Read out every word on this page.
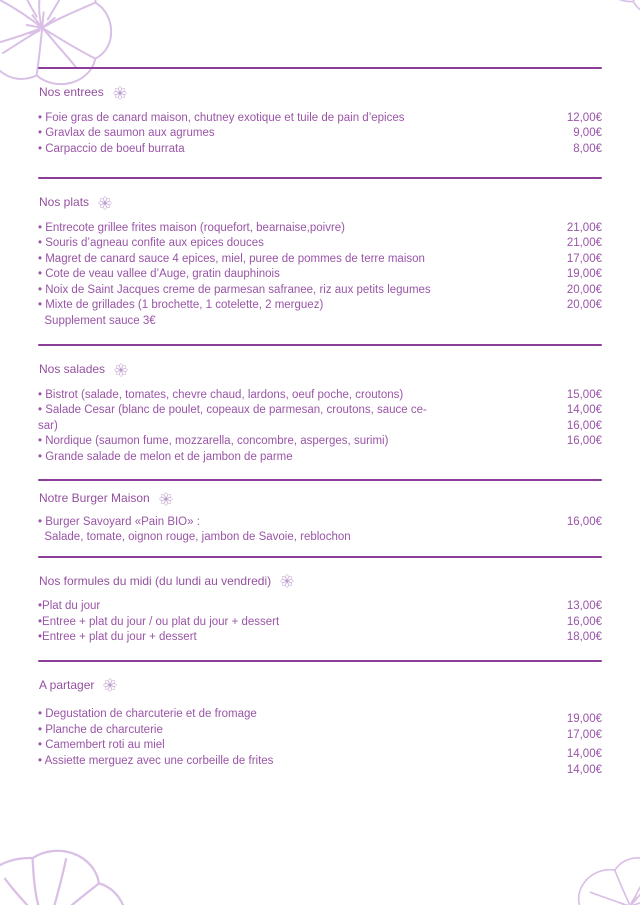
Nos entrees
• Foie gras de canard maison, chutney exotique et tuile de pain d’epices
• Gravlax de saumon aux agrumes
• Carpaccio de boeuf burrata
12,00€
9,00€
8,00€
Nos plats
• Entrecote grillee frites maison (roquefort, bearnaise,poivre)
• Souris d’agneau confite aux epices douces
• Magret de canard sauce 4 epices, miel, puree de pommes de terre maison
• Cote de veau vallee d’Auge, gratin dauphinois
• Noix de Saint Jacques creme de parmesan safranee, riz aux petits legumes
• Mixte de grillades (1 brochette, 1 cotelette, 2 merguez)
Supplement sauce 3€
21,00€
21,00€
17,00€
19,00€
20,00€
20,00€
Nos salades
• Bistrot (salade, tomates, chevre chaud, lardons, oeuf poche, croutons)
• Salade Cesar (blanc de poulet, copeaux de parmesan, croutons, sauce ce-
sar)
• Nordique (saumon fume, mozzarella, concombre, asperges, surimi)
• Grande salade de melon et de jambon de parme
15,00€
14,00€
16,00€
16,00€
Notre Burger Maison
• Burger Savoyard «Pain BIO» :
Salade, tomate, oignon rouge, jambon de Savoie, reblochon
16,00€
Nos formules du midi (du lundi au vendredi)
•Plat du jour
•Entree + plat du jour / ou plat du jour + dessert
•Entree + plat du jour + dessert
13,00€
16,00€
18,00€
A partager
• Degustation de charcuterie et de fromage
• Planche de charcuterie
• Camembert roti au miel
• Assiette merguez avec une corbeille de frites
19,00€
17,00€
14,00€
14,00€
